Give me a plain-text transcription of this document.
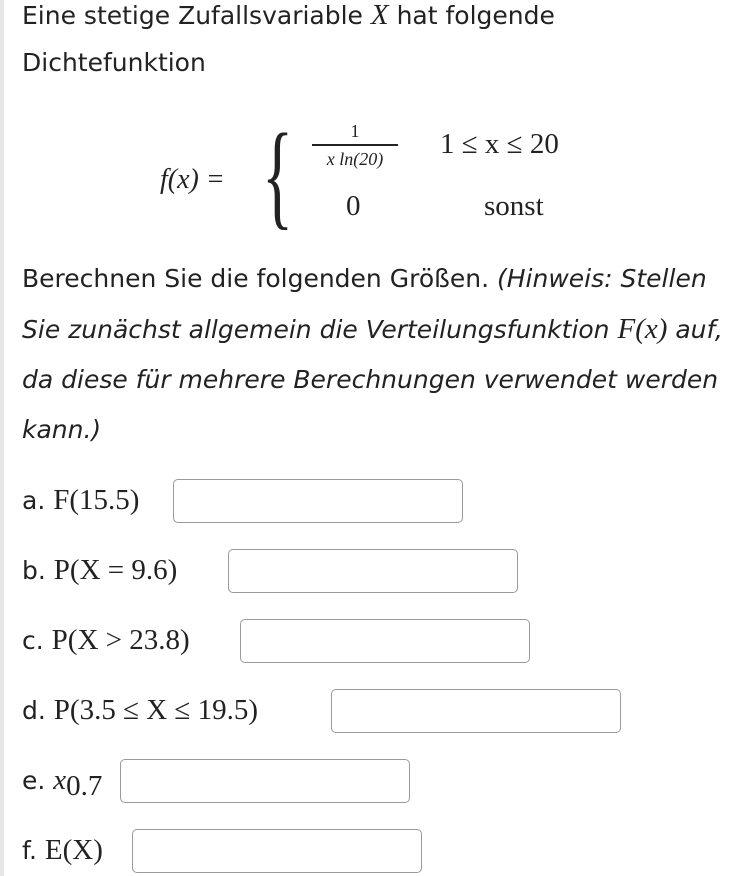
Eine stetige Zufallsvariable X hat folgende
Dichtefunktion
f(x) = {	1
x ln(20)	1 ≤ x ≤ 20
0	sonst
Berechnen Sie die folgenden Größen. (Hinweis: Stellen
Sie zunächst allgemein die Verteilungsfunktion F(x) auf,
da diese für mehrere Berechnungen verwendet werden
kann.)
a. F(15.5)
b. P(X = 9.6)
c. P(X > 23.8)
d. P(3.5 ≤ X ≤ 19.5)
e. $x_{0.7}$
f. E(X)
